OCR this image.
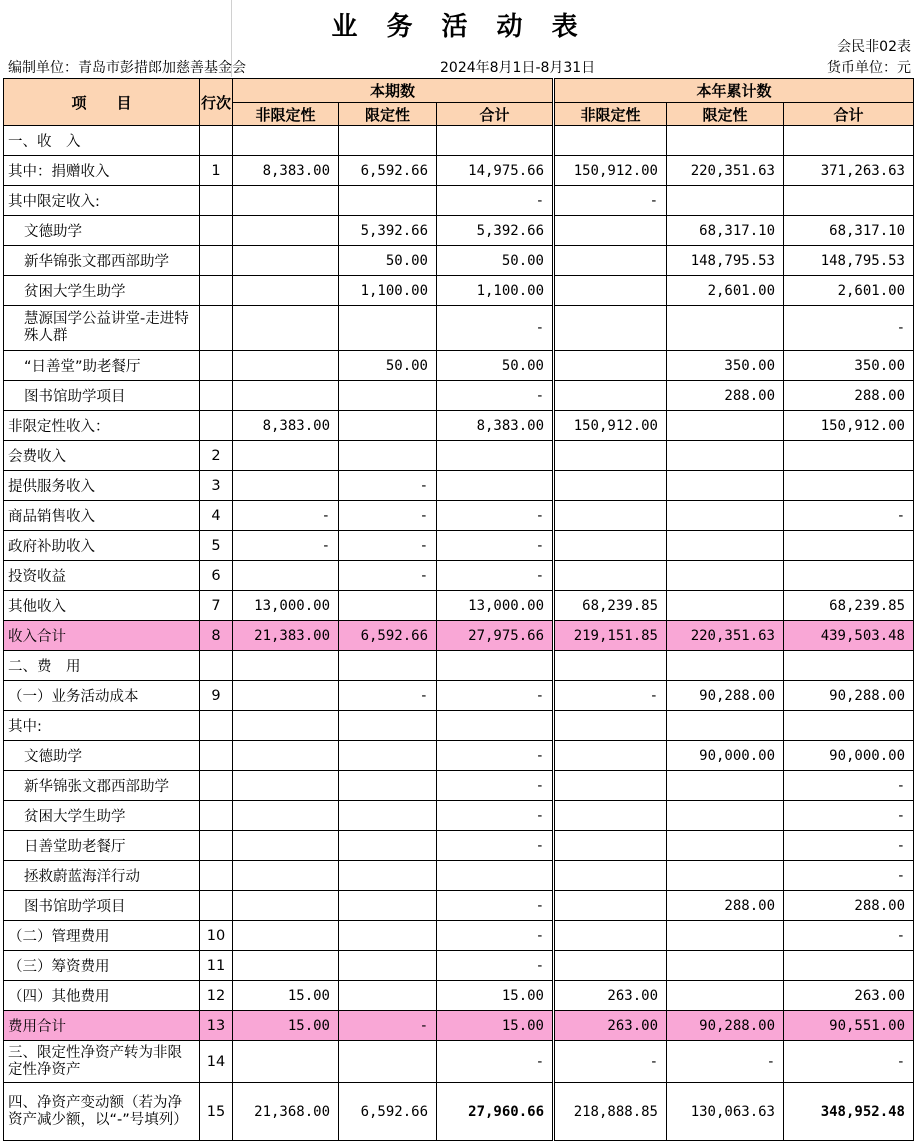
业 务 活 动 表
会民非02表
编制单位：青岛市彭措郎加慈善基金会	2024年8月1日-8月31日	货币单位：元
项　　目	行次	本期数			本年累计数		
		非限定性	限定性	合计	非限定性	限定性	合计
一、收　入							
其中：捐赠收入	1	8,383.00	6,592.66	14,975.66	150,912.00	220,351.63	371,263.63
其中限定收入:				-	-		
文德助学			5,392.66	5,392.66		68,317.10	68,317.10
新华锦张文郡西部助学			50.00	50.00		148,795.53	148,795.53
贫困大学生助学			1,100.00	1,100.00		2,601.00	2,601.00
慧源国学公益讲堂-走进特殊人群				-			-
“日善堂”助老餐厅			50.00	50.00		350.00	350.00
图书馆助学项目				-		288.00	288.00
非限定性收入：		8,383.00		8,383.00	150,912.00		150,912.00
会费收入	2						
提供服务收入	3		-				
商品销售收入	4	-	-	-			-
政府补助收入	5	-	-	-			
投资收益	6		-	-			
其他收入	7	13,000.00		13,000.00	68,239.85		68,239.85
收入合计	8	21,383.00	6,592.66	27,975.66	219,151.85	220,351.63	439,503.48
二、费　用							
（一）业务活动成本	9		-	-	-	90,288.00	90,288.00
其中:							
文德助学				-		90,000.00	90,000.00
新华锦张文郡西部助学				-			-
贫困大学生助学				-			-
日善堂助老餐厅				-			-
拯救蔚蓝海洋行动							-
图书馆助学项目				-		288.00	288.00
（二）管理费用	10			-			-
（三）筹资费用	11			-			
（四）其他费用	12	15.00		15.00	263.00		263.00
费用合计	13	15.00	-	15.00	263.00	90,288.00	90,551.00
三、限定性净资产转为非限定性净资产	14			-	-	-	-
四、净资产变动额（若为净资产减少额，以“-”号填列）	15	21,368.00	6,592.66	27,960.66	218,888.85	130,063.63	348,952.48
